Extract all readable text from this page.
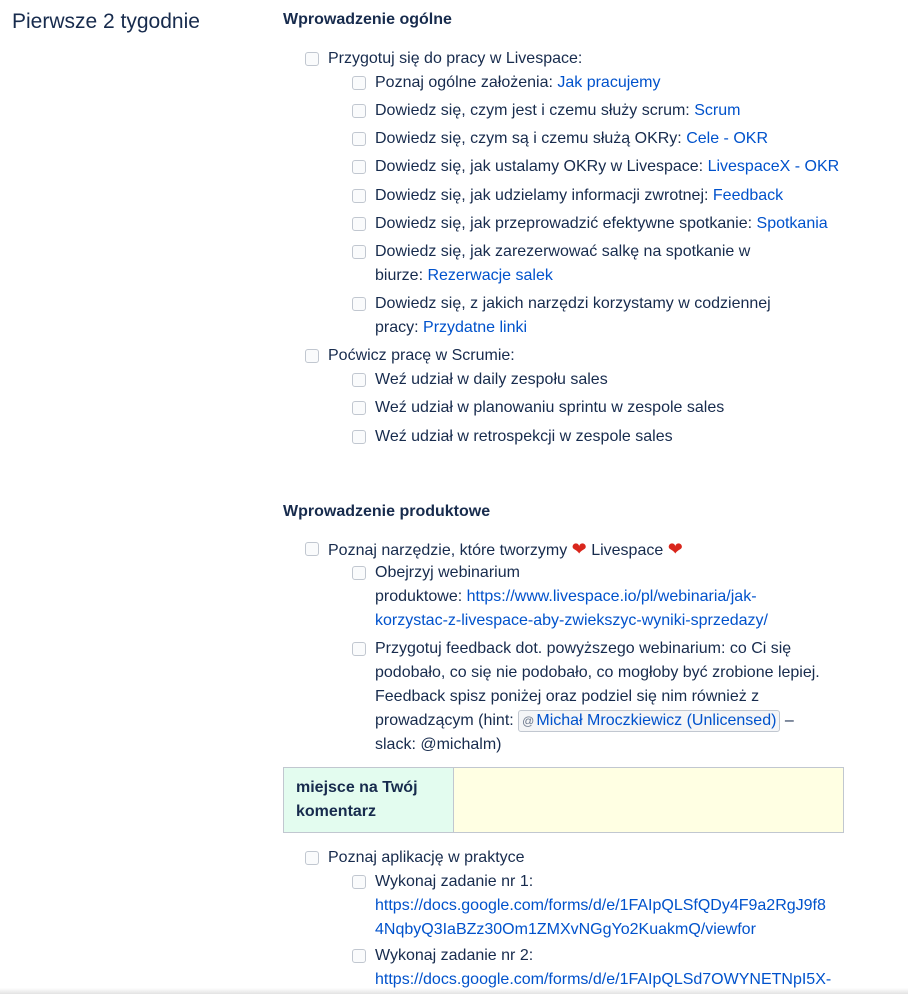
Pierwsze 2 tygodnie	Wprowadzenie ogólne
Przygotuj się do pracy w Livespace:
Poznaj ogólne założenia: Jak pracujemy
Dowiedz się, czym jest i czemu służy scrum: Scrum
Dowiedz się, czym są i czemu służą OKRy: Cele - OKR
Dowiedz się, jak ustalamy OKRy w Livespace: LivespaceX - OKR
Dowiedz się, jak udzielamy informacji zwrotnej: Feedback
Dowiedz się, jak przeprowadzić efektywne spotkanie: Spotkania
Dowiedz się, jak zarezerwować salkę na spotkanie w
biurze: Rezerwacje salek
Dowiedz się, z jakich narzędzi korzystamy w codziennej
pracy: Przydatne linki
Poćwicz pracę w Scrumie:
Weź udział w daily zespołu sales
Weź udział w planowaniu sprintu w zespole sales
Weź udział w retrospekcji w zespole sales
Wprowadzenie produktowe
Poznaj narzędzie, które tworzymy ❤ Livespace ❤
Obejrzyj webinarium
produktowe: https://www.livespace.io/pl/webinaria/jak-
korzystac-z-livespace-aby-zwiekszyc-wyniki-sprzedazy/
Przygotuj feedback dot. powyższego webinarium: co Ci się
podobało, co się nie podobało, co mogłoby być zrobione lepiej.
Feedback spisz poniżej oraz podziel się nim również z
prowadzącym (hint: @ Michał Mroczkiewicz (Unlicensed) –
slack: @michalm)
miejsce na Twój komentarz	
Poznaj aplikację w praktyce
Wykonaj zadanie nr 1:
https://docs.google.com/forms/d/e/1FAIpQLSfQDy4F9a2RgJ9f8
4NqbyQ3IaBZz30Om1ZMXvNGgYo2KuakmQ/viewfor
Wykonaj zadanie nr 2:
https://docs.google.com/forms/d/e/1FAIpQLSd7OWYNETNpI5X-
